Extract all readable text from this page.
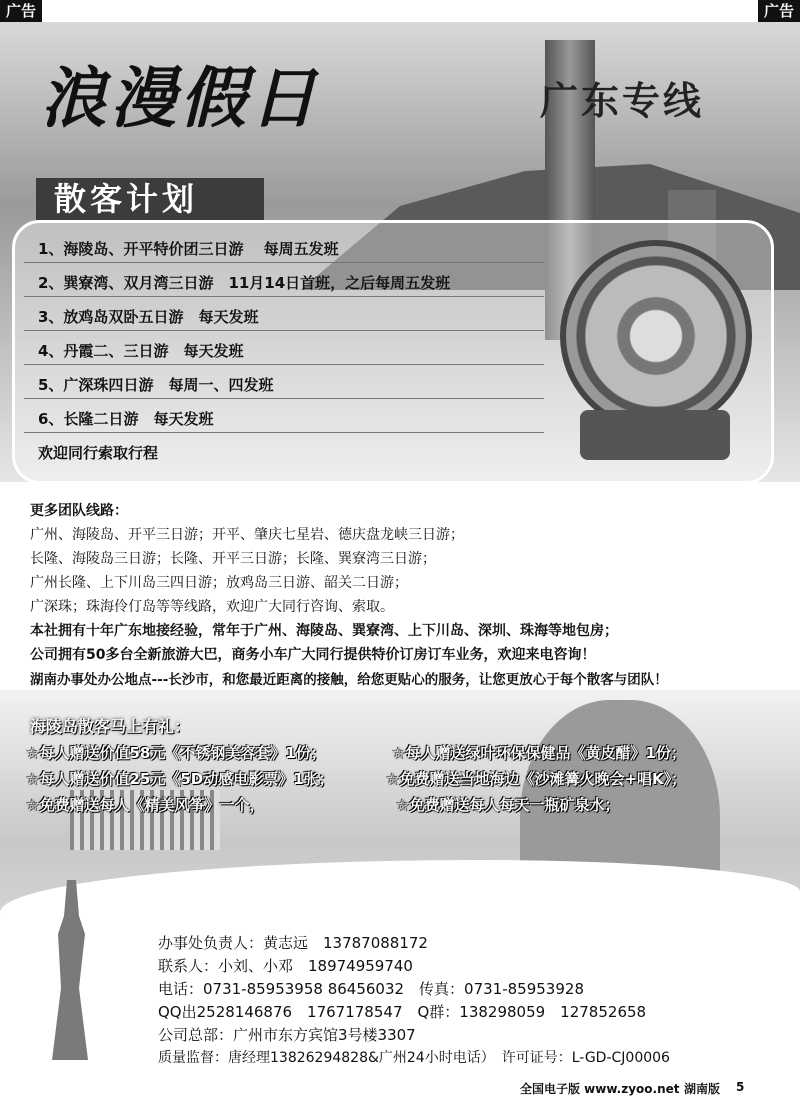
广告	广告
浪漫假日	广东专线
散客计划
1、海陵岛、开平特价团三日游　 每周五发班
2、巽寮湾、双月湾三日游　11月14日首班，之后每周五发班
3、放鸡岛双卧五日游　每天发班
4、丹霞二、三日游　每天发班
5、广深珠四日游　每周一、四发班
6、长隆二日游　每天发班
欢迎同行索取行程
更多团队线路：
广州、海陵岛、开平三日游；开平、肇庆七星岩、德庆盘龙峡三日游；
长隆、海陵岛三日游；长隆、开平三日游；长隆、巽寮湾三日游；
广州长隆、上下川岛三四日游；放鸡岛三日游、韶关二日游；
广深珠；珠海伶仃岛等等线路，欢迎广大同行咨询、索取。
本社拥有十年广东地接经验，常年于广州、海陵岛、巽寮湾、上下川岛、深圳、珠海等地包房；
公司拥有50多台全新旅游大巴，商务小车广大同行提供特价订房订车业务，欢迎来电咨询！
湖南办事处办公地点---长沙市，和您最近距离的接触，给您更贴心的服务，让您更放心于每个散客与团队！
海陵岛散客马上有礼：
☆每人赠送价值58元《不锈钢美容套》1份；	☆每人赠送绿叶环保保健品《黄皮醋》1份；
☆每人赠送价值25元《5D动感电影票》1张；	☆免费赠送当地海边《沙滩篝火晚会+唱K》；
☆免费赠送每人《精美风筝》一个，	☆免费赠送每人每天一瓶矿泉水；
办事处负责人：黄志远　13787088172
联系人：小刘、小邓　18974959740
电话：0731-85953958 86456032　传真：0731-85953928
QQ出2528146876　1767178547　Q群：138298059　127852658
公司总部：广州市东方宾馆3号楼3307
质量监督：唐经理13826294828&广州24小时电话）　许可证号：L-GD-CJ00006
全国电子版 www.zyoo.net 湖南版 5
